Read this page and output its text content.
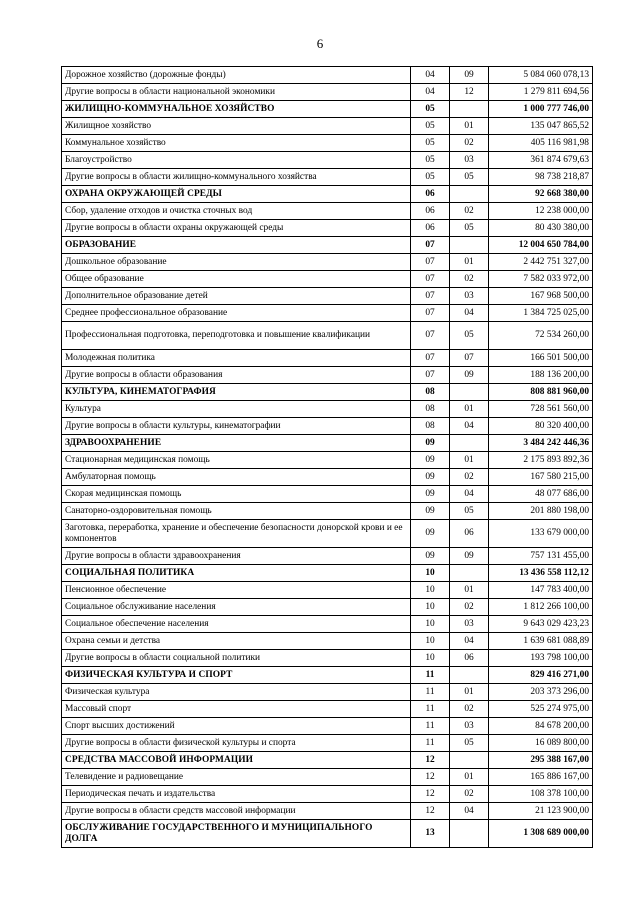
6
Дорожное хозяйство (дорожные фонды)	04	09	5 084 060 078,13
Другие вопросы в области национальной экономики	04	12	1 279 811 694,56
ЖИЛИЩНО-КОММУНАЛЬНОЕ ХОЗЯЙСТВО	05		1 000 777 746,00
Жилищное хозяйство	05	01	135 047 865,52
Коммунальное хозяйство	05	02	405 116 981,98
Благоустройство	05	03	361 874 679,63
Другие вопросы в области жилищно-коммунального хозяйства	05	05	98 738 218,87
ОХРАНА ОКРУЖАЮЩЕЙ СРЕДЫ	06		92 668 380,00
Сбор, удаление отходов и очистка сточных вод	06	02	12 238 000,00
Другие вопросы в области охраны окружающей среды	06	05	80 430 380,00
ОБРАЗОВАНИЕ	07		12 004 650 784,00
Дошкольное образование	07	01	2 442 751 327,00
Общее образование	07	02	7 582 033 972,00
Дополнительное образование детей	07	03	167 968 500,00
Среднее профессиональное образование	07	04	1 384 725 025,00
Профессиональная подготовка, переподготовка и повышение квалификации	07	05	72 534 260,00
Молодежная политика	07	07	166 501 500,00
Другие вопросы в области образования	07	09	188 136 200,00
КУЛЬТУРА, КИНЕМАТОГРАФИЯ	08		808 881 960,00
Культура	08	01	728 561 560,00
Другие вопросы в области культуры, кинематографии	08	04	80 320 400,00
ЗДРАВООХРАНЕНИЕ	09		3 484 242 446,36
Стационарная медицинская помощь	09	01	2 175 893 892,36
Амбулаторная помощь	09	02	167 580 215,00
Скорая медицинская помощь	09	04	48 077 686,00
Санаторно-оздоровительная помощь	09	05	201 880 198,00
Заготовка, переработка, хранение и обеспечение безопасности донорской крови и ее компонентов	09	06	133 679 000,00
Другие вопросы в области здравоохранения	09	09	757 131 455,00
СОЦИАЛЬНАЯ ПОЛИТИКА	10		13 436 558 112,12
Пенсионное обеспечение	10	01	147 783 400,00
Социальное обслуживание населения	10	02	1 812 266 100,00
Социальное обеспечение населения	10	03	9 643 029 423,23
Охрана семьи и детства	10	04	1 639 681 088,89
Другие вопросы в области социальной политики	10	06	193 798 100,00
ФИЗИЧЕСКАЯ КУЛЬТУРА И СПОРТ	11		829 416 271,00
Физическая культура	11	01	203 373 296,00
Массовый спорт	11	02	525 274 975,00
Спорт высших достижений	11	03	84 678 200,00
Другие вопросы в области физической культуры и спорта	11	05	16 089 800,00
СРЕДСТВА МАССОВОЙ ИНФОРМАЦИИ	12		295 388 167,00
Телевидение и радиовещание	12	01	165 886 167,00
Периодическая печать и издательства	12	02	108 378 100,00
Другие вопросы в области средств массовой информации	12	04	21 123 900,00
ОБСЛУЖИВАНИЕ ГОСУДАРСТВЕННОГО И МУНИЦИПАЛЬНОГО ДОЛГА	13		1 308 689 000,00
